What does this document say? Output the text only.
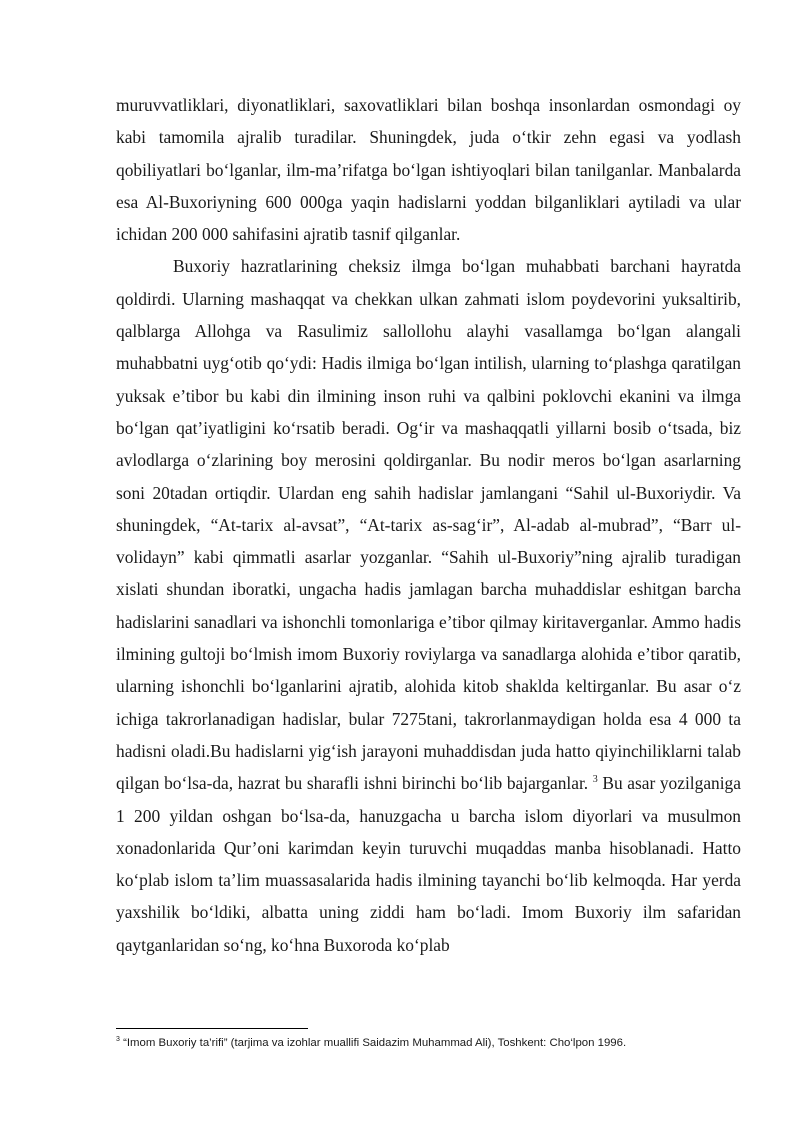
muruvvatliklari, diyonatliklari, saxovatliklari bilan boshqa insonlardan osmondagi oy kabi tamomila ajralib turadilar. Shuningdek, juda o‘tkir zehn egasi va yodlash qobiliyatlari bo‘lganlar, ilm-ma’rifatga bo‘lgan ishtiyoqlari bilan tanilganlar. Manbalarda esa Al-Buxoriyning 600 000ga yaqin hadislarni yoddan bilganliklari aytiladi va ular ichidan 200 000 sahifasini ajratib tasnif qilganlar.

Buxoriy hazratlarining cheksiz ilmga bo‘lgan muhabbati barchani hayratda qoldirdi. Ularning mashaqqat va chekkan ulkan zahmati islom poydevorini yuksaltirib, qalblarga Allohga va Rasulimiz sallollohu alayhi vasallamga bo‘lgan alangali muhabbatni uyg‘otib qo‘ydi: Hadis ilmiga bo‘lgan intilish, ularning to‘plashga qaratilgan yuksak e’tibor bu kabi din ilmining inson ruhi va qalbini poklovchi ekanini va ilmga bo‘lgan qat’iyatligini ko‘rsatib beradi. Og‘ir va mashaqqatli yillarni bosib o‘tsada, biz avlodlarga o‘zlarining boy merosini qoldirganlar. Bu nodir meros bo‘lgan asarlarning soni 20tadan ortiqdir. Ulardan eng sahih hadislar jamlangani “Sahil ul-Buxoriydir. Va shuningdek, “At-tarix al-avsat”, “At-tarix as-sag‘ir”, Al-adab al-mubrad”, “Barr ul-volidayn” kabi qimmatli asarlar yozganlar. “Sahih ul-Buxoriy”ning ajralib turadigan xislati shundan iboratki, ungacha hadis jamlagan barcha muhaddislar eshitgan barcha hadislarini sanadlari va ishonchli tomonlariga e’tibor qilmay kiritaverganlar. Ammo hadis ilmining gultoji bo‘lmish imom Buxoriy roviylarga va sanadlarga alohida e’tibor qaratib, ularning ishonchli bo‘lganlarini ajratib, alohida kitob shaklda keltirganlar. Bu asar o‘z ichiga takrorlanadigan hadislar, bular 7275tani, takrorlanmaydigan holda esa 4 000 ta hadisni oladi.Bu hadislarni yig‘ish jarayoni muhaddisdan juda hatto qiyinchiliklarni talab qilgan bo‘lsa-da, hazrat bu sharafli ishni birinchi bo‘lib bajarganlar. $^3$ Bu asar yozilganiga 1 200 yildan oshgan bo‘lsa-da, hanuzgacha u barcha islom diyorlari va musulmon xonadonlarida Qur’oni karimdan keyin turuvchi muqaddas manba hisoblanadi. Hatto ko‘plab islom ta’lim muassasalarida hadis ilmining tayanchi bo‘lib kelmoqda. Har yerda yaxshilik bo‘ldiki, albatta uning ziddi ham bo‘ladi. Imom Buxoriy ilm safaridan qaytganlaridan so‘ng, ko‘hna Buxoroda ko‘plab

$^3$ “Imom Buxoriy ta’rifi” (tarjima va izohlar muallifi Saidazim Muhammad Ali), Toshkent: Cho‘lpon 1996.
